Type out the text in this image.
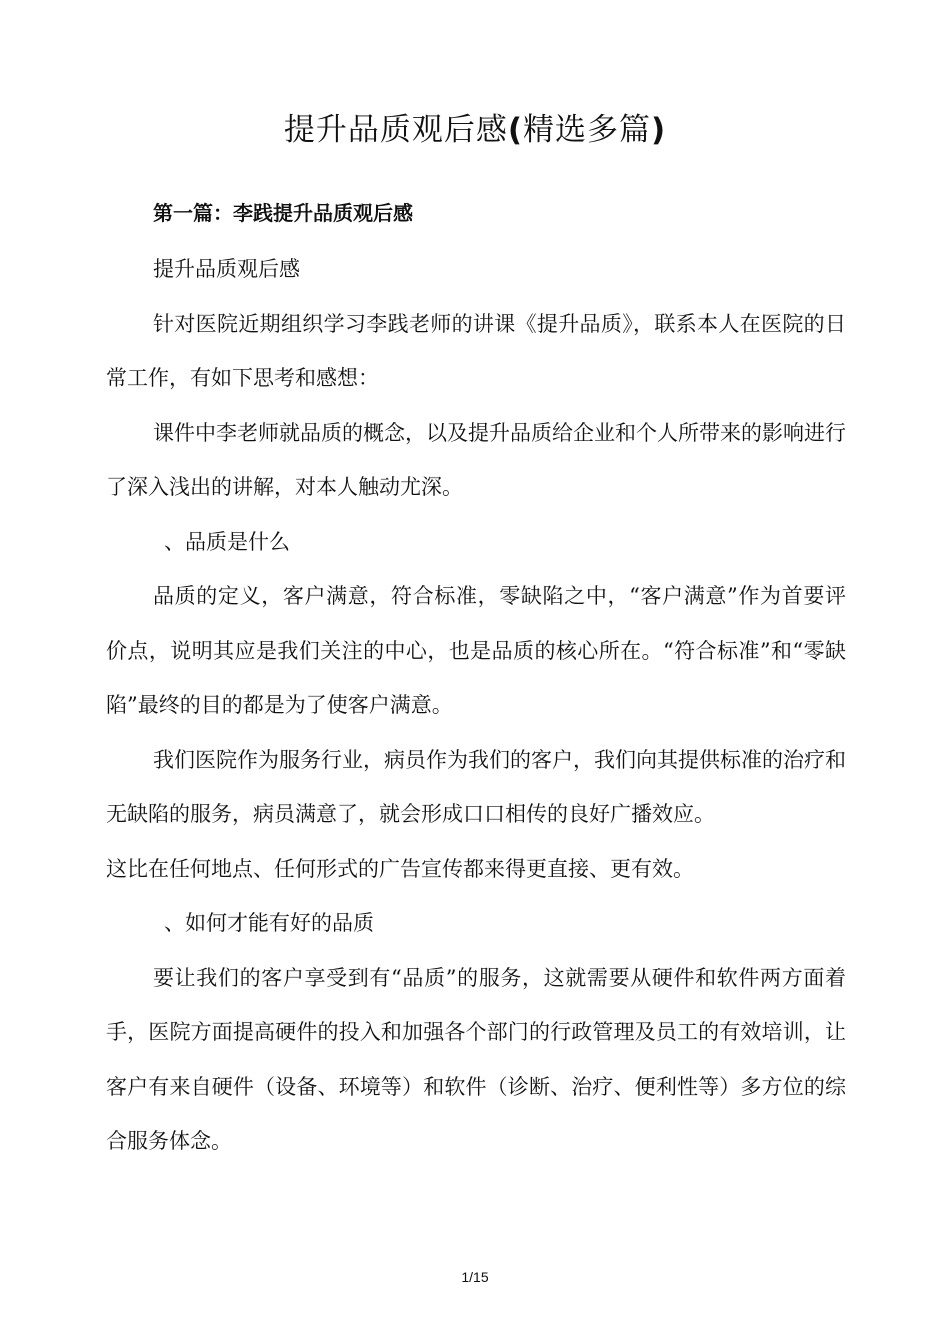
提升品质观后感(精选多篇)
第一篇：李践提升品质观后感

提升品质观后感

针对医院近期组织学习李践老师的讲课《提升品质》，联系本人在医院的日常工作，有如下思考和感想：

课件中李老师就品质的概念，以及提升品质给企业和个人所带来的影响进行了深入浅出的讲解，对本人触动尤深。

、品质是什么

品质的定义，客户满意，符合标准，零缺陷之中，“客户满意”作为首要评价点，说明其应是我们关注的中心，也是品质的核心所在。“符合标准”和“零缺陷”最终的目的都是为了使客户满意。

我们医院作为服务行业，病员作为我们的客户，我们向其提供标准的治疗和无缺陷的服务，病员满意了，就会形成口口相传的良好广播效应。

这比在任何地点、任何形式的广告宣传都来得更直接、更有效。

、如何才能有好的品质

要让我们的客户享受到有“品质”的服务，这就需要从硬件和软件两方面着手，医院方面提高硬件的投入和加强各个部门的行政管理及员工的有效培训，让客户有来自硬件（设备、环境等）和软件（诊断、治疗、便利性等）多方位的综合服务体念。

1/15
